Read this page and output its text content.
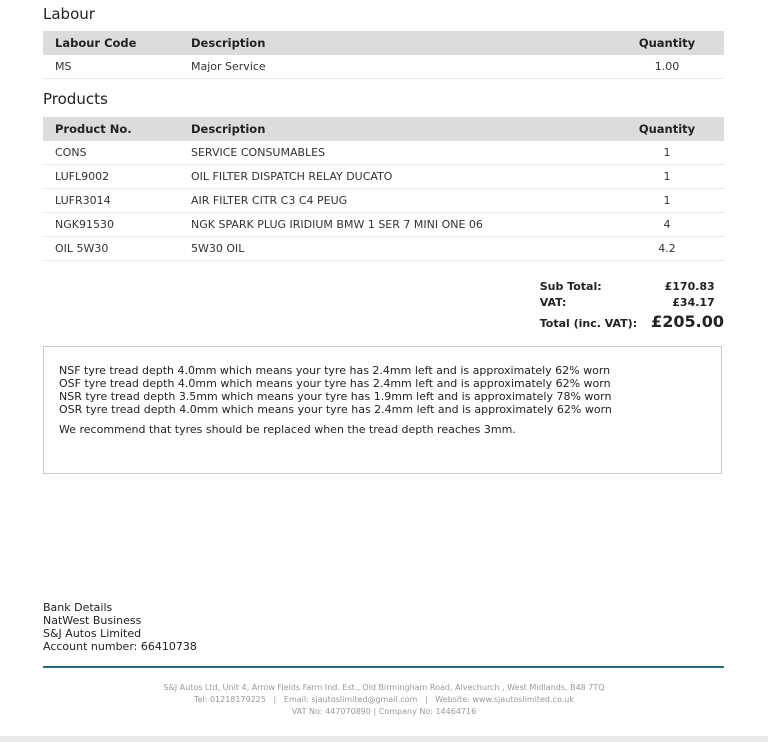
Labour
Labour Code	Description	Quantity
MS	Major Service	1.00
Products
Product No.	Description	Quantity
CONS	SERVICE CONSUMABLES	1
LUFL9002	OIL FILTER DISPATCH RELAY DUCATO	1
LUFR3014	AIR FILTER CITR C3 C4 PEUG	1
NGK91530	NGK SPARK PLUG IRIDIUM BMW 1 SER 7 MINI ONE 06	4
OIL 5W30	5W30 OIL	4.2
Sub Total:	£170.83
VAT:	£34.17
Total (inc. VAT): £205.00
NSF tyre tread depth 4.0mm which means your tyre has 2.4mm left and is approximately 62% worn
OSF tyre tread depth 4.0mm which means your tyre has 2.4mm left and is approximately 62% worn
NSR tyre tread depth 3.5mm which means your tyre has 1.9mm left and is approximately 78% worn
OSR tyre tread depth 4.0mm which means your tyre has 2.4mm left and is approximately 62% worn
We recommend that tyres should be replaced when the tread depth reaches 3mm.
Bank Details
NatWest Business
S&J Autos Limited
Account number: 66410738
S&J Autos Ltd, Unit 4, Arrow Fields Farm Ind. Est., Old Birmingham Road, Alvechurch , West Midlands, B48 7TQ
Tel: 01218179225   |   Email: sjautoslimited@gmail.com   |   Website: www.sjautoslimited.co.uk
VAT No: 447070890 | Company No: 14464716
